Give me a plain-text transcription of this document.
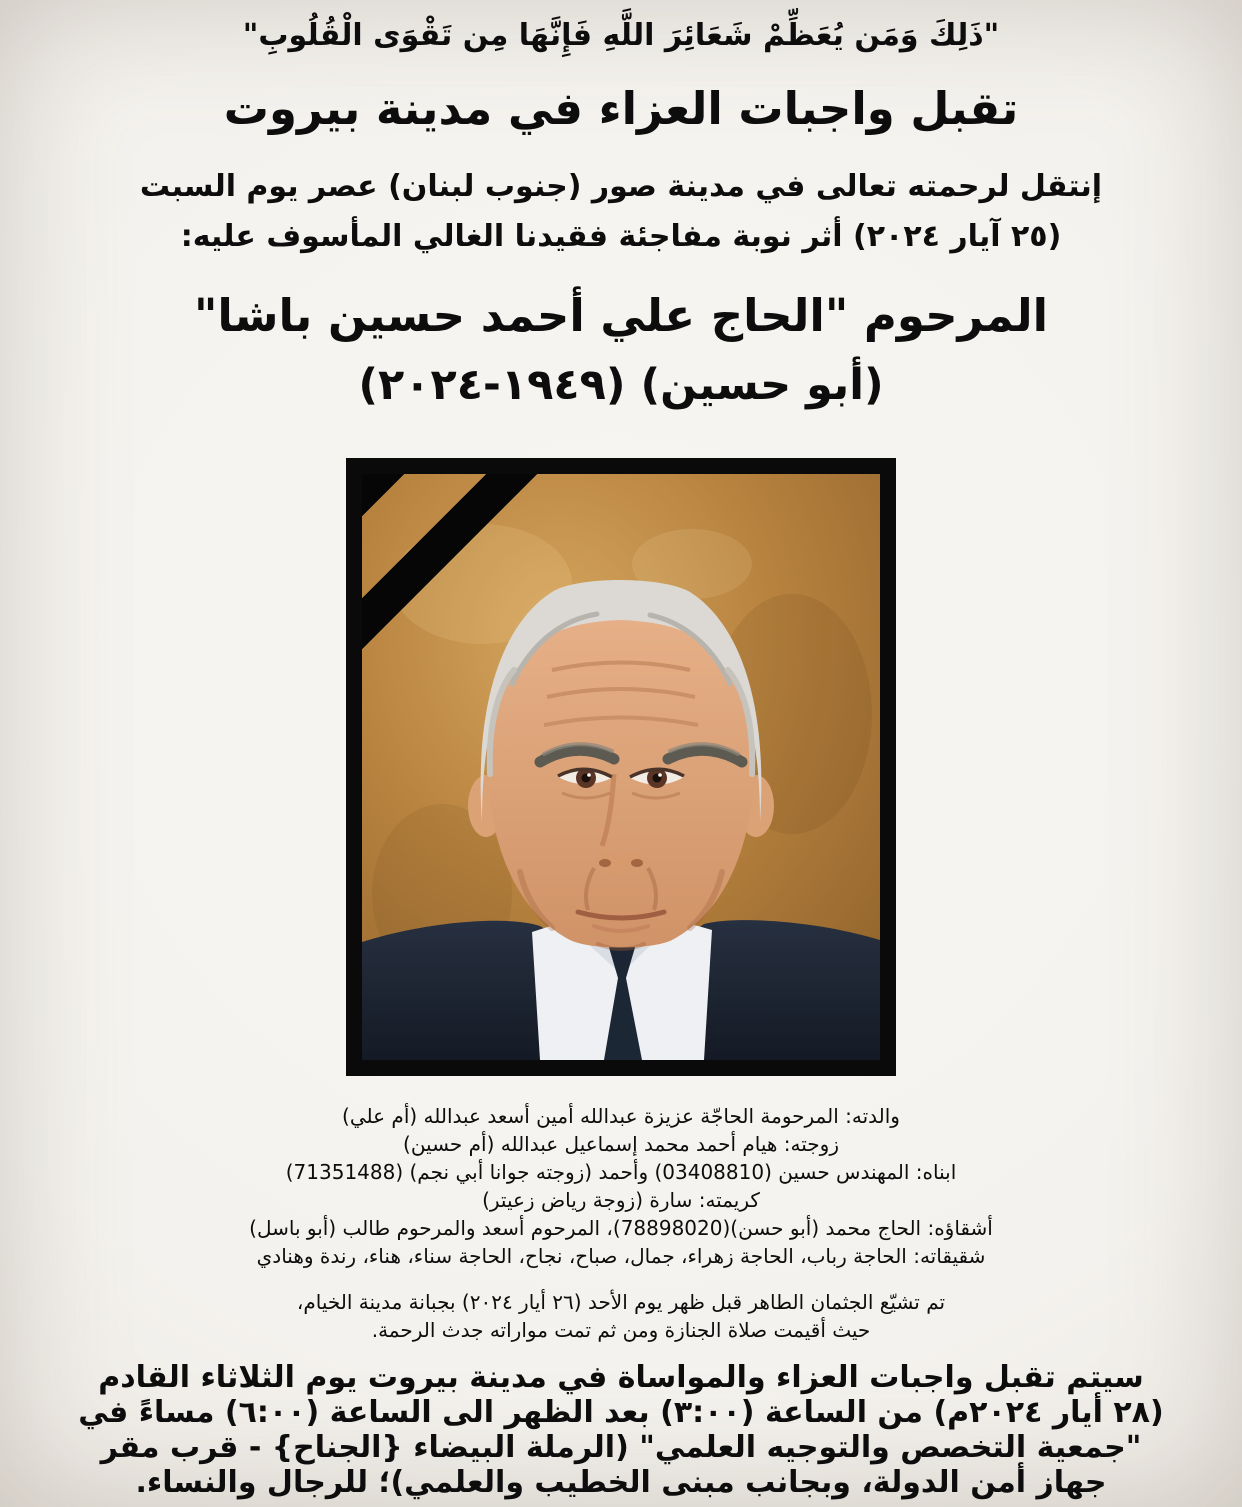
"ذَلِكَ وَمَن يُعَظِّمْ شَعَائِرَ اللَّهِ فَإِنَّهَا مِن تَقْوَى الْقُلُوبِ"
تقبل واجبات العزاء في مدينة بيروت
إنتقل لرحمته تعالى في مدينة صور (جنوب لبنان) عصر يوم السبت
(٢٥ آيار ٢٠٢٤) أثر نوبة مفاجئة فقيدنا الغالي المأسوف عليه:
المرحوم "الحاج علي أحمد حسين باشا"
(أبو حسين) (١٩٤٩-٢٠٢٤)
والدته: المرحومة الحاجّة عزيزة عبدالله أمين أسعد عبدالله (أم علي)
زوجته: هيام أحمد محمد إسماعيل عبدالله (أم حسين)
ابناه: المهندس حسين (03408810) وأحمد (زوجته جوانا أبي نجم) (71351488)
كريمته: سارة (زوجة رياض زعيتر)
أشقاؤه: الحاج محمد (أبو حسن)(78898020)، المرحوم أسعد والمرحوم طالب (أبو باسل)
شقيقاته: الحاجة رباب، الحاجة زهراء، جمال، صباح، نجاح، الحاجة سناء، هناء، رندة وهنادي
تم تشيّع الجثمان الطاهر قبل ظهر يوم الأحد (٢٦ أيار ٢٠٢٤) بجبانة مدينة الخيام،
حيث أقيمت صلاة الجنازة ومن ثم تمت مواراته جدث الرحمة.
سيتم تقبل واجبات العزاء والمواساة في مدينة بيروت يوم الثلاثاء القادم
(٢٨ أيار ٢٠٢٤م) من الساعة (٣:٠٠) بعد الظهر الى الساعة (٦:٠٠) مساءً في
"جمعية التخصص والتوجيه العلمي" (الرملة البيضاء {الجناح} - قرب مقر
جهاز أمن الدولة، وبجانب مبنى الخطيب والعلمي)؛ للرجال والنساء.
